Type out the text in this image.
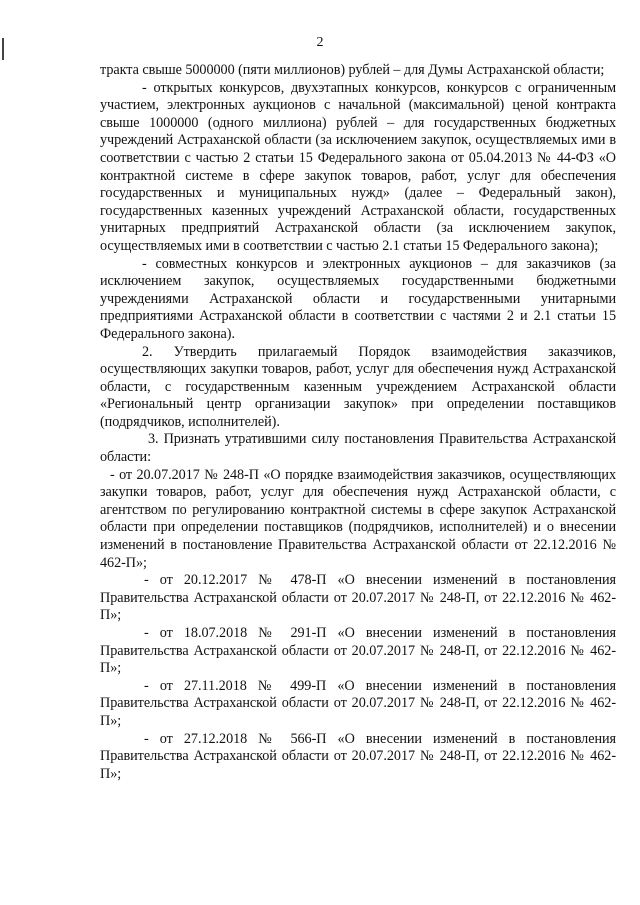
2

тракта свыше 5000000 (пяти миллионов) рублей – для Думы Астраханской области;

- открытых конкурсов, двухэтапных конкурсов, конкурсов с ограниченным участием, электронных аукционов с начальной (максимальной) ценой контракта свыше 1000000 (одного миллиона) рублей – для государственных бюджетных учреждений Астраханской области (за исключением закупок, осуществляемых ими в соответствии с частью 2 статьи 15 Федерального закона от 05.04.2013 № 44-ФЗ «О контрактной системе в сфере закупок товаров, работ, услуг для обеспечения государственных и муниципальных нужд» (далее – Федеральный закон), государственных казенных учреждений Астраханской области, государственных унитарных предприятий Астраханской области (за исключением закупок, осуществляемых ими в соответствии с частью 2.1 статьи 15 Федерального закона);

- совместных конкурсов и электронных аукционов – для заказчиков (за исключением закупок, осуществляемых государственными бюджетными учреждениями Астраханской области и государственными унитарными предприятиями Астраханской области в соответствии с частями 2 и 2.1 статьи 15 Федерального закона).

2. Утвердить прилагаемый Порядок взаимодействия заказчиков, осуществляющих закупки товаров, работ, услуг для обеспечения нужд Астраханской области, с государственным казенным учреждением Астраханской области «Региональный центр организации закупок» при определении поставщиков (подрядчиков, исполнителей).

3. Признать утратившими силу постановления Правительства Астраханской области:

- от 20.07.2017 № 248-П «О порядке взаимодействия заказчиков, осуществляющих закупки товаров, работ, услуг для обеспечения нужд Астраханской области, с агентством по регулированию контрактной системы в сфере закупок Астраханской области при определении поставщиков (подрядчиков, исполнителей) и о внесении изменений в постановление Правительства Астраханской области от 22.12.2016 № 462-П»;

- от 20.12.2017 № 478-П «О внесении изменений в постановления Правительства Астраханской области от 20.07.2017 № 248-П, от 22.12.2016 № 462-П»;

- от 18.07.2018 № 291-П «О внесении изменений в постановления Правительства Астраханской области от 20.07.2017 № 248-П, от 22.12.2016 № 462-П»;

- от 27.11.2018 № 499-П «О внесении изменений в постановления Правительства Астраханской области от 20.07.2017 № 248-П, от 22.12.2016 № 462-П»;

- от 27.12.2018 № 566-П «О внесении изменений в постановления Правительства Астраханской области от 20.07.2017 № 248-П, от 22.12.2016 № 462-П»;
